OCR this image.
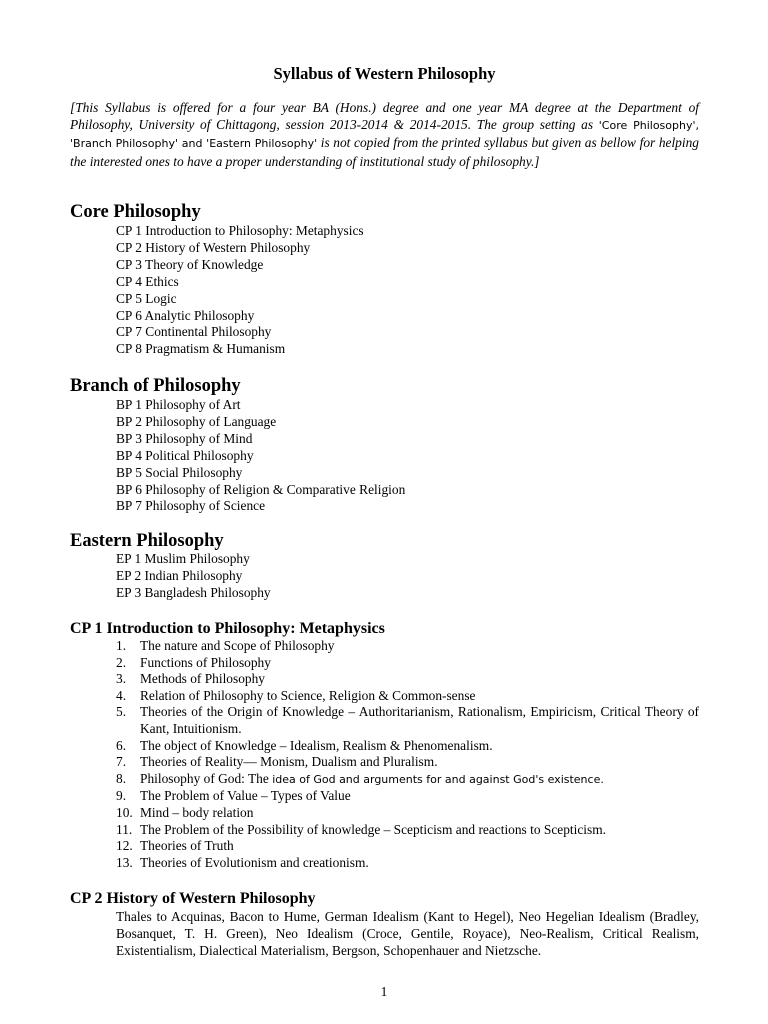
Syllabus of Western Philosophy
[This Syllabus is offered for a four year BA (Hons.) degree and one year MA degree at the Department of Philosophy, University of Chittagong, session 2013-2014 & 2014-2015. The group setting as 'Core Philosophy', 'Branch Philosophy' and 'Eastern Philosophy' is not copied from the printed syllabus but given as bellow for helping the interested ones to have a proper understanding of institutional study of philosophy.]
Core Philosophy
CP 1 Introduction to Philosophy: Metaphysics
CP 2 History of Western Philosophy
CP 3 Theory of Knowledge
CP 4 Ethics
CP 5 Logic
CP 6 Analytic Philosophy
CP 7 Continental Philosophy
CP 8 Pragmatism & Humanism
Branch of Philosophy
BP 1 Philosophy of Art
BP 2 Philosophy of Language
BP 3 Philosophy of Mind
BP 4 Political Philosophy
BP 5 Social Philosophy
BP 6 Philosophy of Religion & Comparative Religion
BP 7 Philosophy of Science
Eastern Philosophy
EP 1 Muslim Philosophy
EP 2 Indian Philosophy
EP 3 Bangladesh Philosophy
CP 1 Introduction to Philosophy: Metaphysics
1.	The nature and Scope of Philosophy
2.	Functions of Philosophy
3.	Methods of Philosophy
4.	Relation of Philosophy to Science, Religion & Common-sense
5.	Theories of the Origin of Knowledge – Authoritarianism, Rationalism, Empiricism, Critical Theory of Kant, Intuitionism.
6.	The object of Knowledge – Idealism, Realism & Phenomenalism.
7.	Theories of Reality— Monism, Dualism and Pluralism.
8.	Philosophy of God: The idea of God and arguments for and against God's existence.
9.	The Problem of Value – Types of Value
10. Mind – body relation
11. The Problem of the Possibility of knowledge – Scepticism and reactions to Scepticism.
12. Theories of Truth
13. Theories of Evolutionism and creationism.
CP 2 History of Western Philosophy
Thales to Acquinas, Bacon to Hume, German Idealism (Kant to Hegel), Neo Hegelian Idealism (Bradley, Bosanquet, T. H. Green), Neo Idealism (Croce, Gentile, Royace), Neo-Realism, Critical Realism, Existentialism, Dialectical Materialism, Bergson, Schopenhauer and Nietzsche.
1
